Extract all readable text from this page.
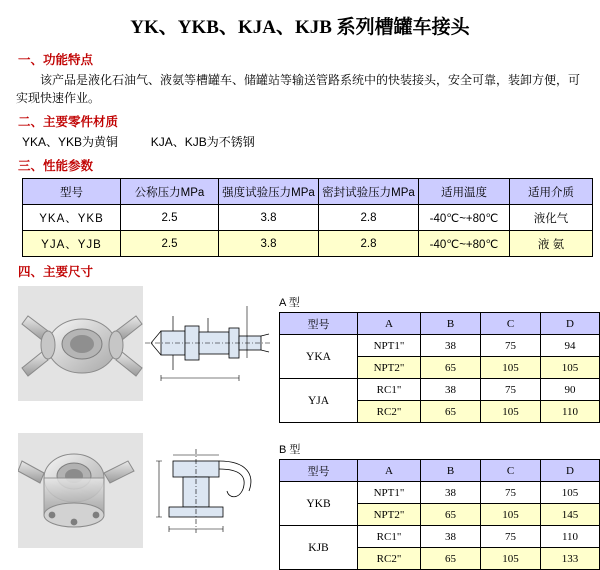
YK、YKB、KJA、KJB 系列槽罐车接头
一、功能特点
该产品是液化石油气、液氨等槽罐车、储罐站等输送管路系统中的快装接头，安全可靠，装卸方便，可实现快速作业。
二、主要零件材质
YKA、YKB为黄铜	KJA、KJB为不锈钢
三、性能参数
型号	公称压力MPa	强度试验压力MPa	密封试验压力MPa	适用温度	适用介质
YKA、YKB	2.5	3.8	2.8	-40℃~+80℃	液化气
YJA、YJB	2.5	3.8	2.8	-40℃~+80℃	液 氨
四、主要尺寸
A 型
型号	A	B	C	D
YKA	NPT1"	38	75	94
	NPT2"	65	105	105
YJA	RC1"	38	75	90
	RC2"	65	105	110
B 型
型号	A	B	C	D
YKB	NPT1"	38	75	105
	NPT2"	65	105	145
KJB	RC1"	38	75	110
	RC2"	65	105	133
